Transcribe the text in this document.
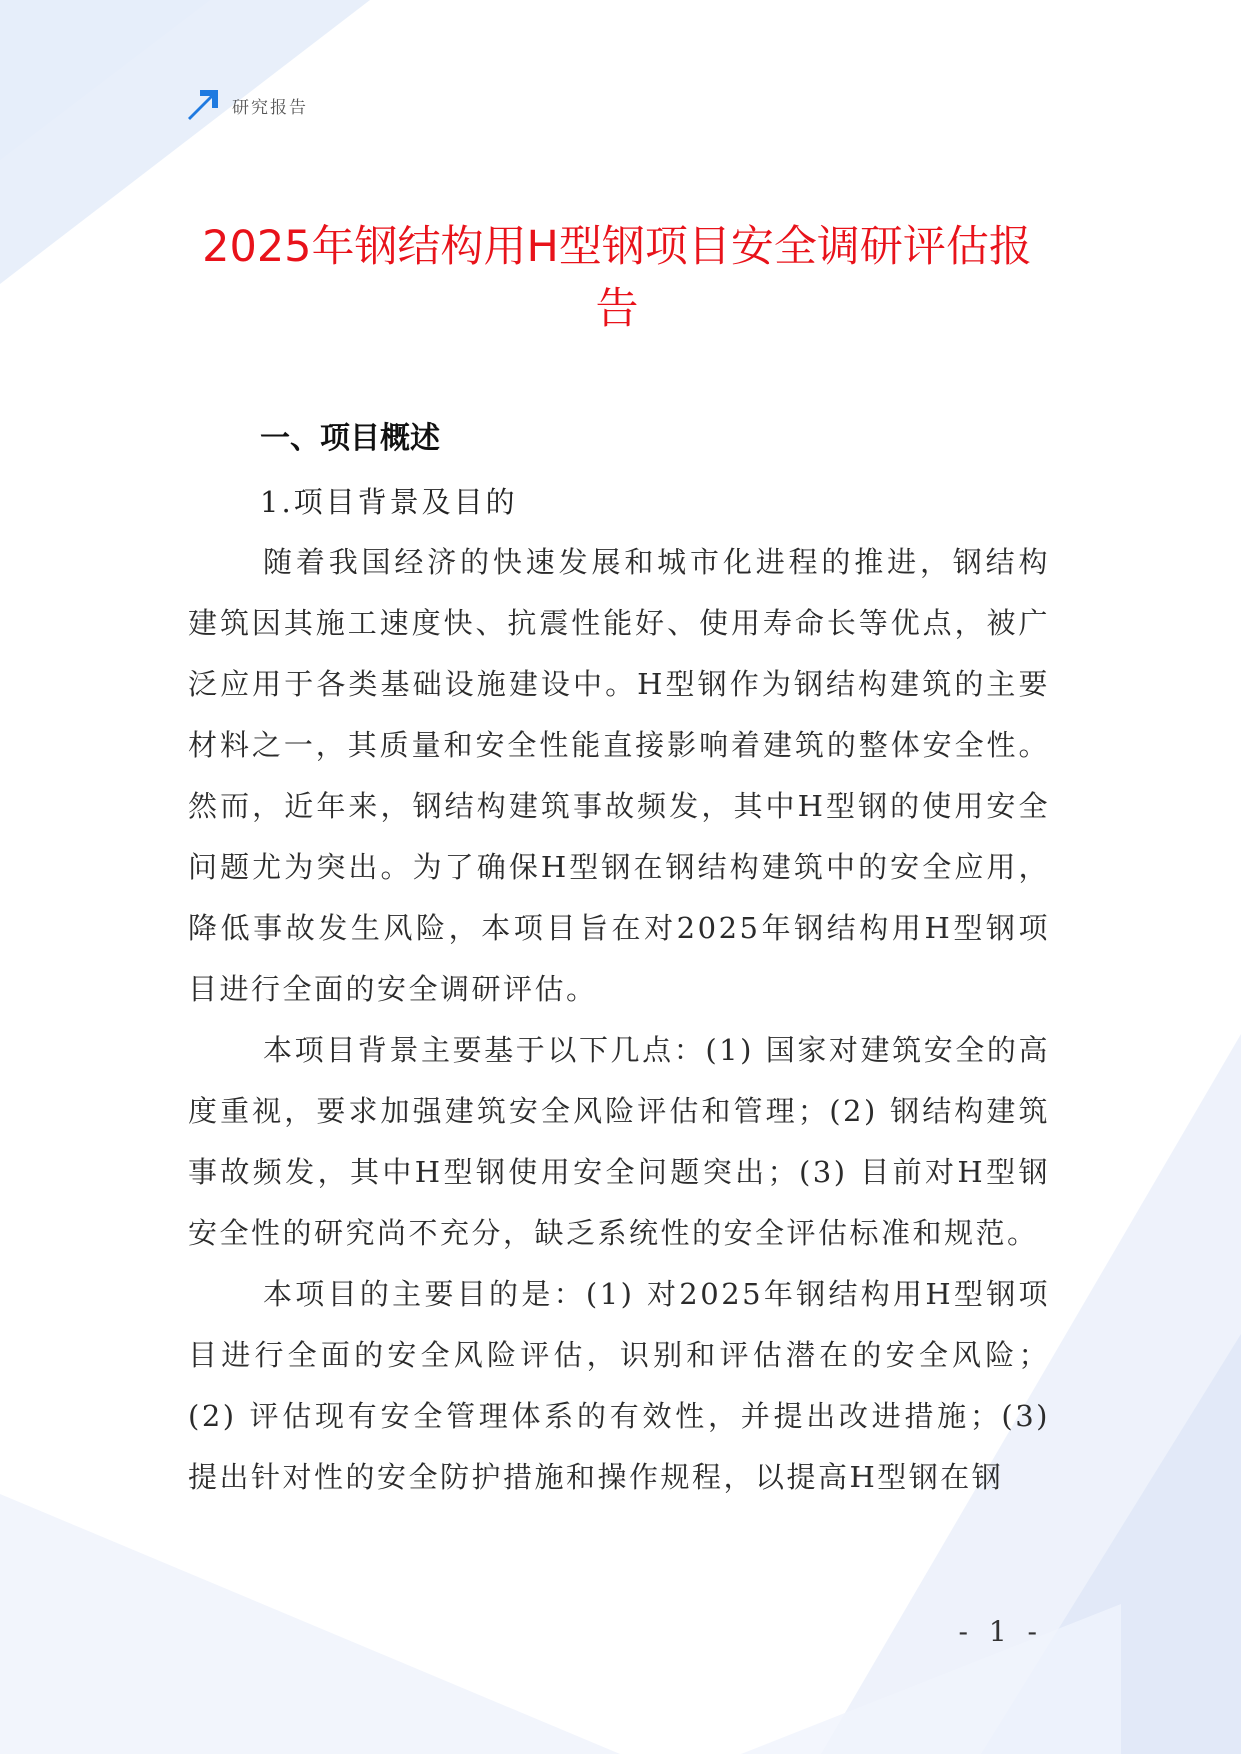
研究报告
2025年钢结构用H型钢项目安全调研评估报告
一、项目概述
1.项目背景及目的

随着我国经济的快速发展和城市化进程的推进，钢结构建筑因其施工速度快、抗震性能好、使用寿命长等优点，被广泛应用于各类基础设施建设中。H型钢作为钢结构建筑的主要材料之一，其质量和安全性能直接影响着建筑的整体安全性。然而，近年来，钢结构建筑事故频发，其中H型钢的使用安全问题尤为突出。为了确保H型钢在钢结构建筑中的安全应用，降低事故发生风险，本项目旨在对2025年钢结构用H型钢项目进行全面的安全调研评估。

本项目背景主要基于以下几点：(1) 国家对建筑安全的高度重视，要求加强建筑安全风险评估和管理；(2) 钢结构建筑事故频发，其中H型钢使用安全问题突出；(3) 目前对H型钢安全性的研究尚不充分，缺乏系统性的安全评估标准和规范。

本项目的主要目的是：(1) 对2025年钢结构用H型钢项目进行全面的安全风险评估，识别和评估潜在的安全风险；(2) 评估现有安全管理体系的有效性，并提出改进措施；(3) 提出针对性的安全防护措施和操作规程，以提高H型钢在钢

- 1 -
